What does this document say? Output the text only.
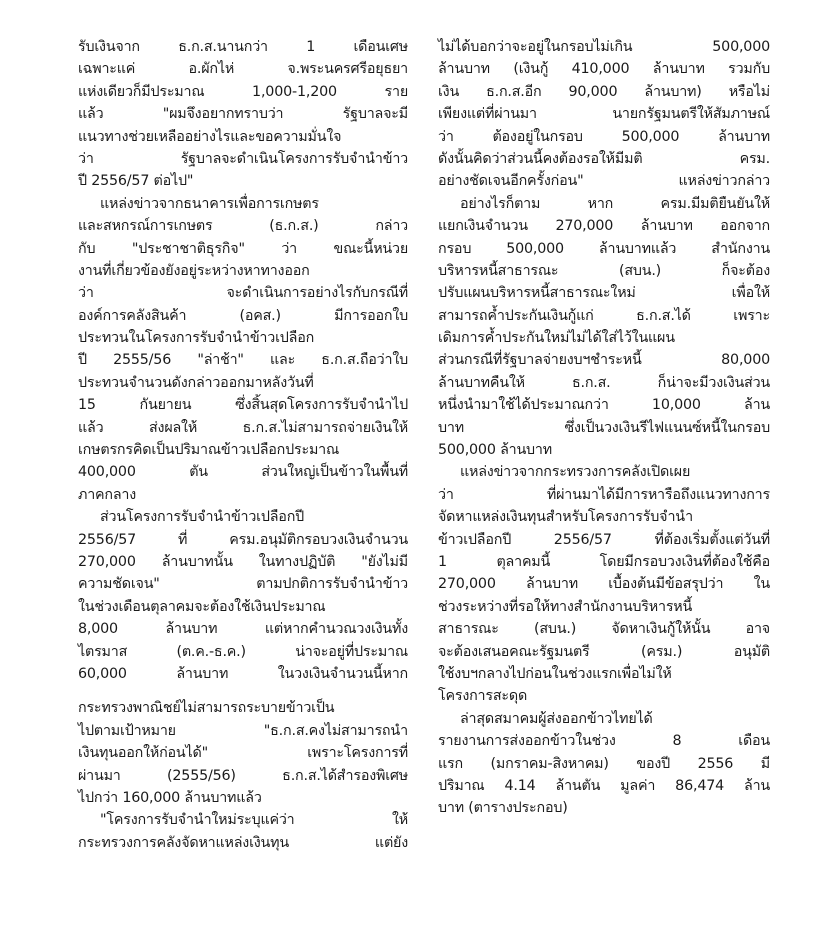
รับเงินจาก ธ.ก.ส.นานกว่า 1 เดือนเศษ
เฉพาะแค่ อ.ผักไห่ จ.พระนครศรีอยุธยา
แห่งเดียวก็มีประมาณ 1,000-1,200 ราย
แล้ว "ผมจึงอยากทราบว่า รัฐบาลจะมี
แนวทางช่วยเหลืออย่างไรและขอความมั่นใจ
ว่า รัฐบาลจะดำเนินโครงการรับจำนำข้าว
ปี 2556/57 ต่อไป"
แหล่งข่าวจากธนาคารเพื่อการเกษตร
และสหกรณ์การเกษตร (ธ.ก.ส.) กล่าว
กับ "ประชาชาติธุรกิจ" ว่า ขณะนี้หน่วย
งานที่เกี่ยวข้องยังอยู่ระหว่างหาทางออก
ว่า จะดำเนินการอย่างไรกับกรณีที่
องค์การคลังสินค้า (อคส.) มีการออกใบ
ประทวนในโครงการรับจำนำข้าวเปลือก
ปี 2555/56 "ล่าช้า" และ ธ.ก.ส.ถือว่าใบ
ประทวนจำนวนดังกล่าวออกมาหลังวันที่
15 กันยายน ซึ่งสิ้นสุดโครงการรับจำนำไป
แล้ว ส่งผลให้ ธ.ก.ส.ไม่สามารถจ่ายเงินให้
เกษตรกรคิดเป็นปริมาณข้าวเปลือกประมาณ
400,000 ตัน ส่วนใหญ่เป็นข้าวในพื้นที่
ภาคกลาง
ส่วนโครงการรับจำนำข้าวเปลือกปี
2556/57 ที่ ครม.อนุมัติกรอบวงเงินจำนวน
270,000 ล้านบาทนั้น ในทางปฏิบัติ "ยังไม่มี
ความชัดเจน" ตามปกติการรับจำนำข้าว
ในช่วงเดือนตุลาคมจะต้องใช้เงินประมาณ
8,000 ล้านบาท แต่หากคำนวณวงเงินทั้ง
ไตรมาส (ต.ค.-ธ.ค.) น่าจะอยู่ที่ประมาณ
60,000 ล้านบาท ในวงเงินจำนวนนี้หาก
กระทรวงพาณิชย์ไม่สามารถระบายข้าวเป็น
ไปตามเป้าหมาย "ธ.ก.ส.คงไม่สามารถนำ
เงินทุนออกให้ก่อนได้" เพราะโครงการที่
ผ่านมา (2555/56) ธ.ก.ส.ได้สำรองพิเศษ
ไปกว่า 160,000 ล้านบาทแล้ว
"โครงการรับจำนำใหม่ระบุแค่ว่า ให้
กระทรวงการคลังจัดหาแหล่งเงินทุน แต่ยัง
ไม่ได้บอกว่าจะอยู่ในกรอบไม่เกิน 500,000
ล้านบาท (เงินกู้ 410,000 ล้านบาท รวมกับ
เงิน ธ.ก.ส.อีก 90,000 ล้านบาท) หรือไม่
เพียงแต่ที่ผ่านมา นายกรัฐมนตรีให้สัมภาษณ์
ว่า ต้องอยู่ในกรอบ 500,000 ล้านบาท
ดังนั้นคิดว่าส่วนนี้คงต้องรอให้มีมติ ครม.
อย่างชัดเจนอีกครั้งก่อน" แหล่งข่าวกล่าว
อย่างไรก็ตาม หาก ครม.มีมติยืนยันให้
แยกเงินจำนวน 270,000 ล้านบาท ออกจาก
กรอบ 500,000 ล้านบาทแล้ว สำนักงาน
บริหารหนี้สาธารณะ (สบน.) ก็จะต้อง
ปรับแผนบริหารหนี้สาธารณะใหม่ เพื่อให้
สามารถค้ำประกันเงินกู้แก่ ธ.ก.ส.ได้ เพราะ
เดิมการค้ำประกันใหม่ไม่ได้ใส่ไว้ในแผน
ส่วนกรณีที่รัฐบาลจ่ายงบฯชำระหนี้ 80,000
ล้านบาทคืนให้ ธ.ก.ส. ก็น่าจะมีวงเงินส่วน
หนึ่งนำมาใช้ได้ประมาณกว่า 10,000 ล้าน
บาท ซึ่งเป็นวงเงินรีไฟแนนซ์หนี้ในกรอบ
500,000 ล้านบาท
แหล่งข่าวจากกระทรวงการคลังเปิดเผย
ว่า ที่ผ่านมาได้มีการหารือถึงแนวทางการ
จัดหาแหล่งเงินทุนสำหรับโครงการรับจำนำ
ข้าวเปลือกปี 2556/57 ที่ต้องเริ่มตั้งแต่วันที่
1 ตุลาคมนี้ โดยมีกรอบวงเงินที่ต้องใช้คือ
270,000 ล้านบาท เบื้องต้นมีข้อสรุปว่า ใน
ช่วงระหว่างที่รอให้ทางสำนักงานบริหารหนี้
สาธารณะ (สบน.) จัดหาเงินกู้ให้นั้น อาจ
จะต้องเสนอคณะรัฐมนตรี (ครม.) อนุมัติ
ใช้งบฯกลางไปก่อนในช่วงแรกเพื่อไม่ให้
โครงการสะดุด
ล่าสุดสมาคมผู้ส่งออกข้าวไทยได้
รายงานการส่งออกข้าวในช่วง 8 เดือน
แรก (มกราคม-สิงหาคม) ของปี 2556 มี
ปริมาณ 4.14 ล้านตัน มูลค่า 86,474 ล้าน
บาท (ตารางประกอบ)
